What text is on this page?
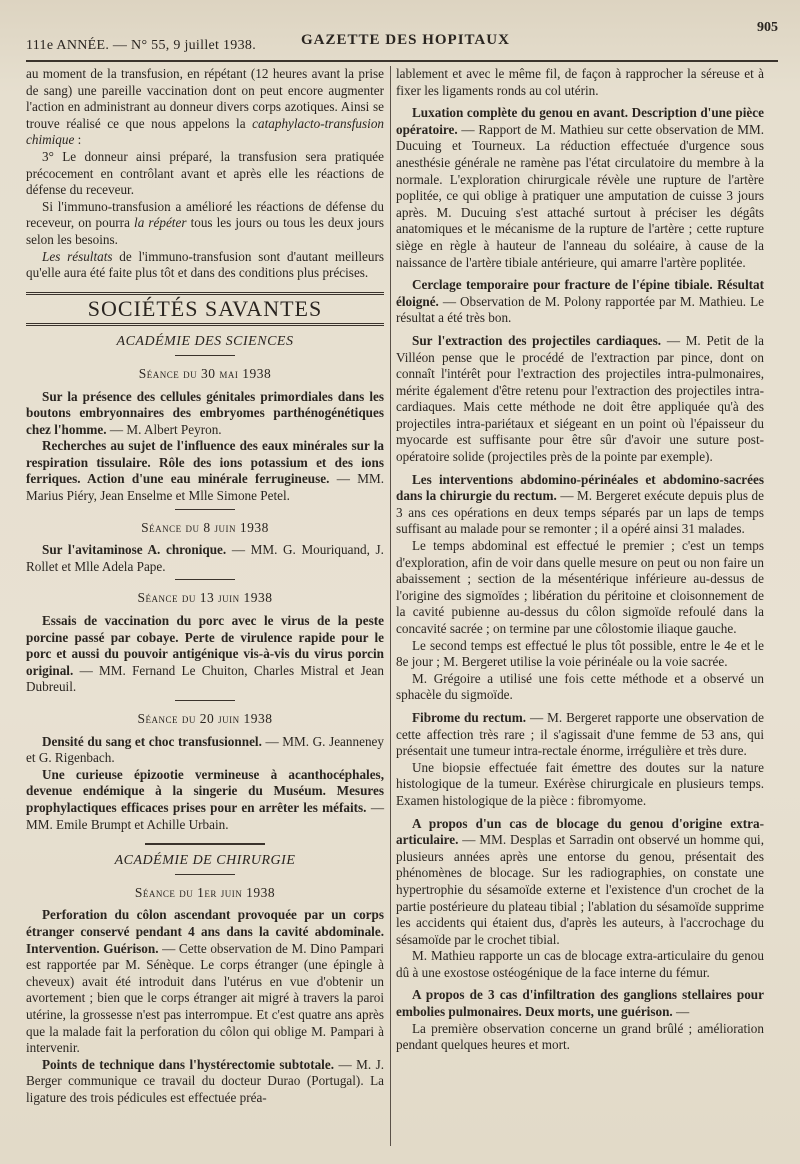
111e ANNÉE. — N° 55, 9 juillet 1938.	GAZETTE DES HOPITAUX
905

au moment de la transfusion, en répétant (12 heures avant la prise de sang) une pareille vaccination dont on peut encore augmenter l'action en administrant au donneur divers corps azotiques. Ainsi se trouve réalisé ce que nous appelons la cataphylacto-transfusion chimique :

3° Le donneur ainsi préparé, la transfusion sera pratiquée précocement en contrôlant avant et après elle les réactions de défense du receveur.

Si l'immuno-transfusion a amélioré les réactions de défense du receveur, on pourra la répéter tous les jours ou tous les deux jours selon les besoins.

Les résultats de l'immuno-transfusion sont d'autant meilleurs qu'elle aura été faite plus tôt et dans des conditions plus précises.

SOCIÉTÉS SAVANTES
ACADÉMIE DES SCIENCES
Séance du 30 mai 1938

Sur la présence des cellules génitales primordiales dans les boutons embryonnaires des embryomes parthénogénétiques chez l'homme. — M. Albert Peyron.

Recherches au sujet de l'influence des eaux minérales sur la respiration tissulaire. Rôle des ions potassium et des ions ferriques. Action d'une eau minérale ferrugineuse. — MM. Marius Piéry, Jean Enselme et Mlle Simone Petel.

Séance du 8 juin 1938

Sur l'avitaminose A. chronique. — MM. G. Mouriquand, J. Rollet et Mlle Adela Pape.

Séance du 13 juin 1938

Essais de vaccination du porc avec le virus de la peste porcine passé par cobaye. Perte de virulence rapide pour le porc et aussi du pouvoir antigénique vis-à-vis du virus porcin original. — MM. Fernand Le Chuiton, Charles Mistral et Jean Dubreuil.

Séance du 20 juin 1938

Densité du sang et choc transfusionnel. — MM. G. Jeanneney et G. Rigenbach.

Une curieuse épizootie vermineuse à acanthocéphales, devenue endémique à la singerie du Muséum. Mesures prophylactiques efficaces prises pour en arrêter les méfaits. — MM. Emile Brumpt et Achille Urbain.

ACADÉMIE DE CHIRURGIE
Séance du 1er juin 1938

Perforation du côlon ascendant provoquée par un corps étranger conservé pendant 4 ans dans la cavité abdominale. Intervention. Guérison. — Cette observation de M. Dino Pampari est rapportée par M. Sénèque. Le corps étranger (une épingle à cheveux) avait été introduit dans l'utérus en vue d'obtenir un avortement ; bien que le corps étranger ait migré à travers la paroi utérine, la grossesse n'est pas interrompue. Et c'est quatre ans après que la malade fait la perforation du côlon qui oblige M. Pampari à intervenir.

Points de technique dans l'hystérectomie subtotale. — M. J. Berger communique ce travail du docteur Durao (Portugal). La ligature des trois pédicules est effectuée préa-

lablement et avec le même fil, de façon à rapprocher la séreuse et à fixer les ligaments ronds au col utérin.

Luxation complète du genou en avant. Description d'une pièce opératoire. — Rapport de M. Mathieu sur cette observation de MM. Ducuing et Tourneux. La réduction effectuée d'urgence sous anesthésie générale ne ramène pas l'état circulatoire du membre à la normale. L'exploration chirurgicale révèle une rupture de l'artère poplitée, ce qui oblige à pratiquer une amputation de cuisse 3 jours après. M. Ducuing s'est attaché surtout à préciser les dégâts anatomiques et le mécanisme de la rupture de l'artère ; cette rupture siège en règle à hauteur de l'anneau du soléaire, à cause de la naissance de l'artère tibiale antérieure, qui amarre l'artère poplitée.

Cerclage temporaire pour fracture de l'épine tibiale. Résultat éloigné. — Observation de M. Polony rapportée par M. Mathieu. Le résultat a été très bon.

Sur l'extraction des projectiles cardiaques. — M. Petit de la Villéon pense que le procédé de l'extraction par pince, dont on connaît l'intérêt pour l'extraction des projectiles intra-pulmonaires, mérite également d'être retenu pour l'extraction des projectiles intra-cardiaques. Mais cette méthode ne doit être appliquée qu'à des projectiles intra-pariétaux et siégeant en un point où l'épaisseur du myocarde est suffisante pour être sûr d'avoir une suture post-opératoire solide (projectiles près de la pointe par exemple).

Les interventions abdomino-périnéales et abdomino-sacrées dans la chirurgie du rectum. — M. Bergeret exécute depuis plus de 3 ans ces opérations en deux temps séparés par un laps de temps suffisant au malade pour se remonter ; il a opéré ainsi 31 malades.

Le temps abdominal est effectué le premier ; c'est un temps d'exploration, afin de voir dans quelle mesure on peut ou non faire un abaissement ; section de la mésentérique inférieure au-dessus de l'origine des sigmoïdes ; libération du péritoine et cloisonnement de la cavité pubienne au-dessus du côlon sigmoïde refoulé dans la concavité sacrée ; on termine par une côlostomie iliaque gauche.

Le second temps est effectué le plus tôt possible, entre le 4e et le 8e jour ; M. Bergeret utilise la voie périnéale ou la voie sacrée.

M. Grégoire a utilisé une fois cette méthode et a observé un sphacèle du sigmoïde.

Fibrome du rectum. — M. Bergeret rapporte une observation de cette affection très rare ; il s'agissait d'une femme de 53 ans, qui présentait une tumeur intra-rectale énorme, irrégulière et très dure.

Une biopsie effectuée fait émettre des doutes sur la nature histologique de la tumeur. Exérèse chirurgicale en plusieurs temps. Examen histologique de la pièce : fibromyome.

A propos d'un cas de blocage du genou d'origine extra-articulaire. — MM. Desplas et Sarradin ont observé un homme qui, plusieurs années après une entorse du genou, présentait des phénomènes de blocage. Sur les radiographies, on constate une hypertrophie du sésamoïde externe et l'existence d'un crochet de la partie postérieure du plateau tibial ; l'ablation du sésamoïde supprime les accidents qui étaient dus, d'après les auteurs, à l'accrochage du sésamoïde par le crochet tibial.

M. Mathieu rapporte un cas de blocage extra-articulaire du genou dû à une exostose ostéogénique de la face interne du fémur.

A propos de 3 cas d'infiltration des ganglions stellaires pour embolies pulmonaires. Deux morts, une guérison. —

La première observation concerne un grand brûlé ; amélioration pendant quelques heures et mort.
